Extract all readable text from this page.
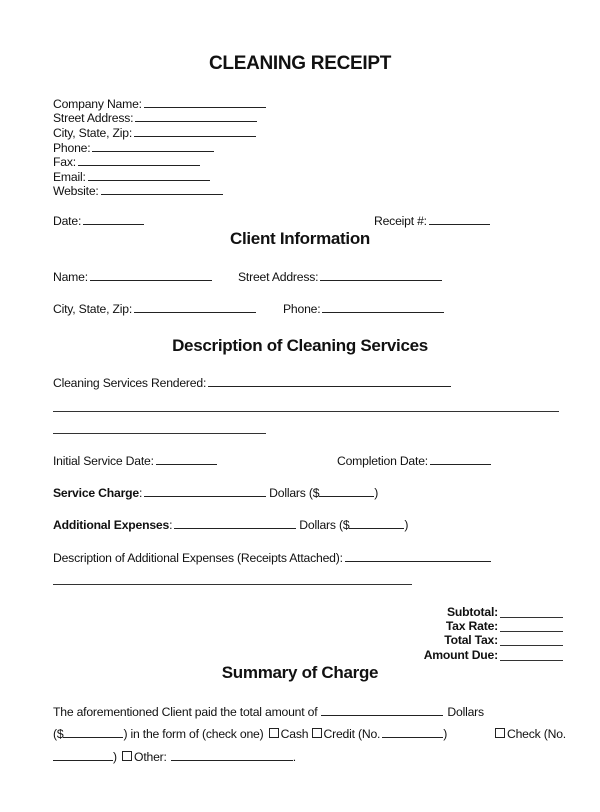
CLEANING RECEIPT
Company Name:
Street Address:
City, State, Zip:
Phone:
Fax:
Email:
Website:
Date:	Receipt #:
Client Information
Name:	Street Address:
City, State, Zip:	Phone:
Description of Cleaning Services
Cleaning Services Rendered:
Initial Service Date:	Completion Date:
Service Charge:	Dollars ($	)
Additional Expenses:	Dollars ($	)
Description of Additional Expenses (Receipts Attached):
Subtotal:
Tax Rate:
Total Tax:
Amount Due:
Summary of Charge
The aforementioned Client paid the total amount of	Dollars
($	) in the form of (check one) Cash Credit (No.	)	Check (No.
) Other:	.
